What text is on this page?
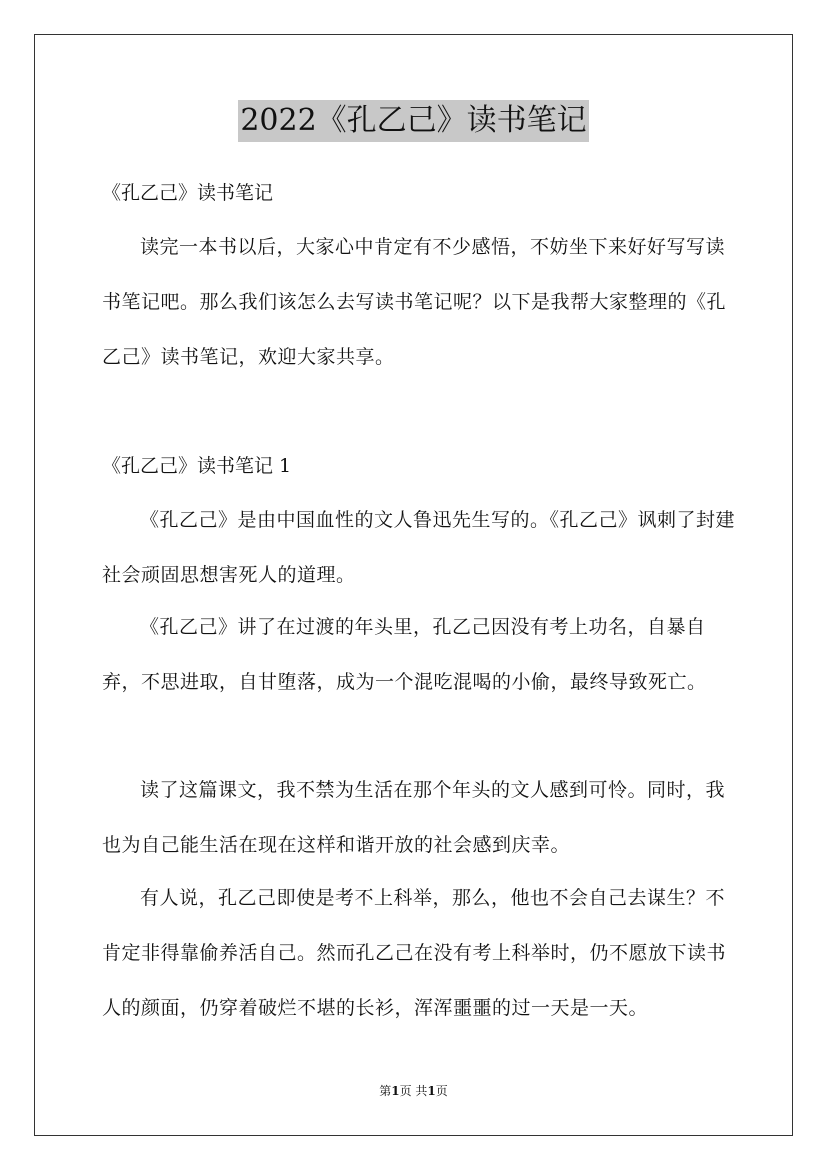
2022《孔乙己》读书笔记
《孔乙己》读书笔记

读完一本书以后，大家心中肯定有不少感悟，不妨坐下来好好写写读书笔记吧。那么我们该怎么去写读书笔记呢？以下是我帮大家整理的《孔乙己》读书笔记，欢迎大家共享。

《孔乙己》读书笔记 1

《孔乙己》是由中国血性的文人鲁迅先生写的。《孔乙己》讽刺了封建社会顽固思想害死人的道理。

《孔乙己》讲了在过渡的年头里，孔乙己因没有考上功名，自暴自弃，不思进取，自甘堕落，成为一个混吃混喝的小偷，最终导致死亡。

读了这篇课文，我不禁为生活在那个年头的文人感到可怜。同时，我也为自己能生活在现在这样和谐开放的社会感到庆幸。

有人说，孔乙己即使是考不上科举，那么，他也不会自己去谋生？不肯定非得靠偷养活自己。然而孔乙己在没有考上科举时，仍不愿放下读书人的颜面，仍穿着破烂不堪的长衫，浑浑噩噩的过一天是一天。

第1页 共1页
